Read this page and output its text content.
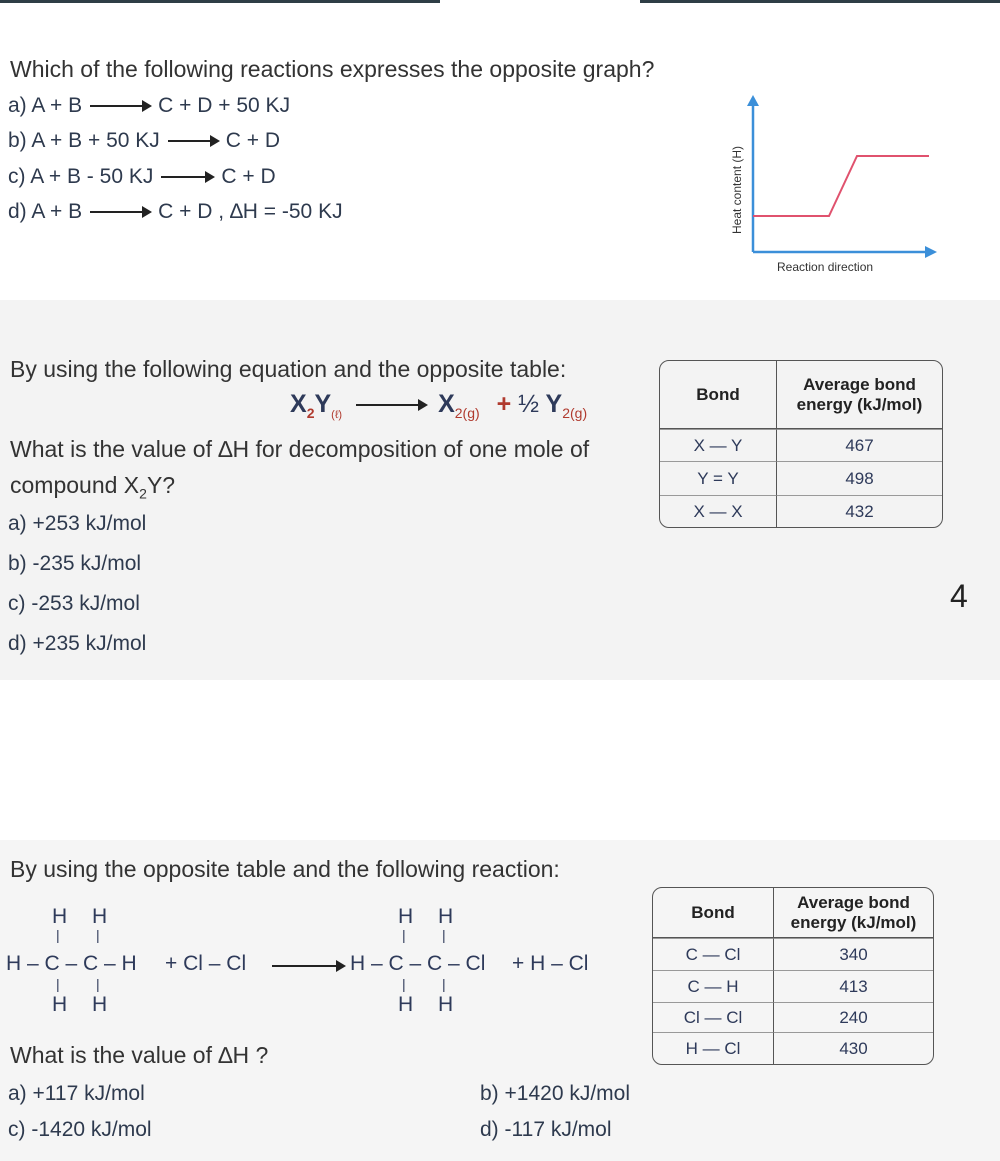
Which of the following reactions expresses the opposite graph?
a) A + B	C + D + 50 KJ
b) A + B + 50 KJ	C + D
c) A + B - 50 KJ	C + D
d) A + B	C + D , ∆H = -50 KJ	Heat content (H)
Reaction direction
By using the following equation and the opposite table:
$X_2Y_{(\ell)}$	$X_{2(g)}$ + ½ $Y_{2(g)}$
What is the value of ∆H for decomposition of one mole of
compound $X_2Y$?
Bond	Average bond
energy (kJ/mol)

X — Y	467
Y = Y	498
X — X	432
a) +253 kJ/mol
b) -235 kJ/mol
c) -253 kJ/mol
d) +235 kJ/mol
4
By using the opposite table and the following reaction:
H H
|	|
H – C – C – H
|	|
H H
+ Cl – Cl
H H
|	|
H – C – C – Cl
|	|
H H
+ H – Cl
Bond	Average bond
energy (kJ/mol)

C — Cl	340
C — H	413
Cl — Cl	240
H — Cl	430
What is the value of ∆H ?
a) +117 kJ/mol	b) +1420 kJ/mol
c) -1420 kJ/mol	d) -117 kJ/mol
